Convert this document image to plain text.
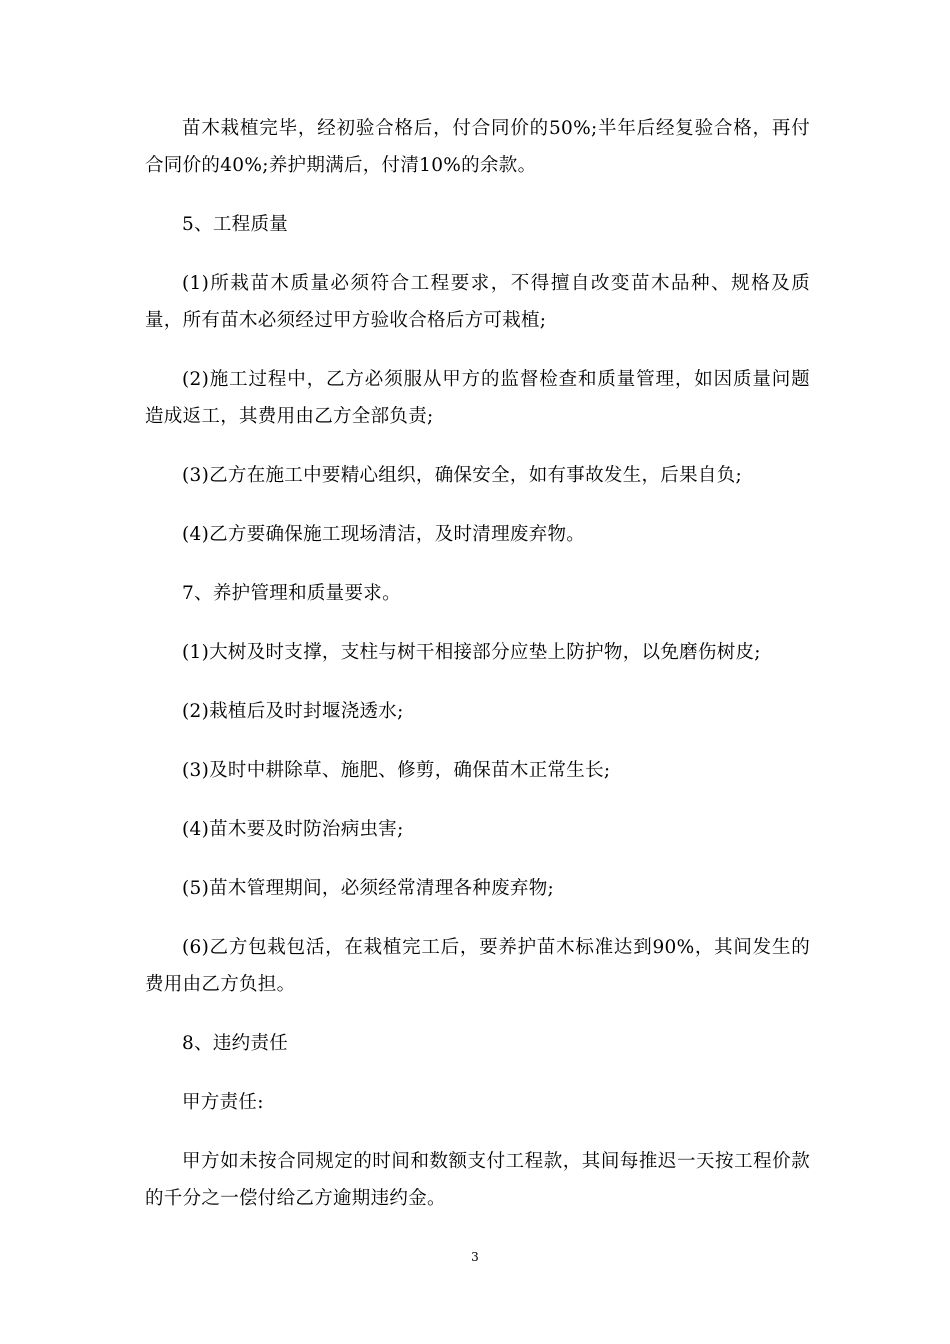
苗木栽植完毕，经初验合格后，付合同价的50%;半年后经复验合格，再付合同价的40%;养护期满后，付清10%的余款。

5、工程质量

(1)所栽苗木质量必须符合工程要求，不得擅自改变苗木品种、规格及质量，所有苗木必须经过甲方验收合格后方可栽植;

(2)施工过程中，乙方必须服从甲方的监督检查和质量管理，如因质量问题造成返工，其费用由乙方全部负责;

(3)乙方在施工中要精心组织，确保安全，如有事故发生，后果自负;

(4)乙方要确保施工现场清洁，及时清理废弃物。

7、养护管理和质量要求。

(1)大树及时支撑，支柱与树干相接部分应垫上防护物，以免磨伤树皮;

(2)栽植后及时封堰浇透水;

(3)及时中耕除草、施肥、修剪，确保苗木正常生长;

(4)苗木要及时防治病虫害;

(5)苗木管理期间，必须经常清理各种废弃物;

(6)乙方包栽包活，在栽植完工后，要养护苗木标准达到90%，其间发生的费用由乙方负担。

8、违约责任

甲方责任:

甲方如未按合同规定的时间和数额支付工程款，其间每推迟一天按工程价款的千分之一偿付给乙方逾期违约金。

3
